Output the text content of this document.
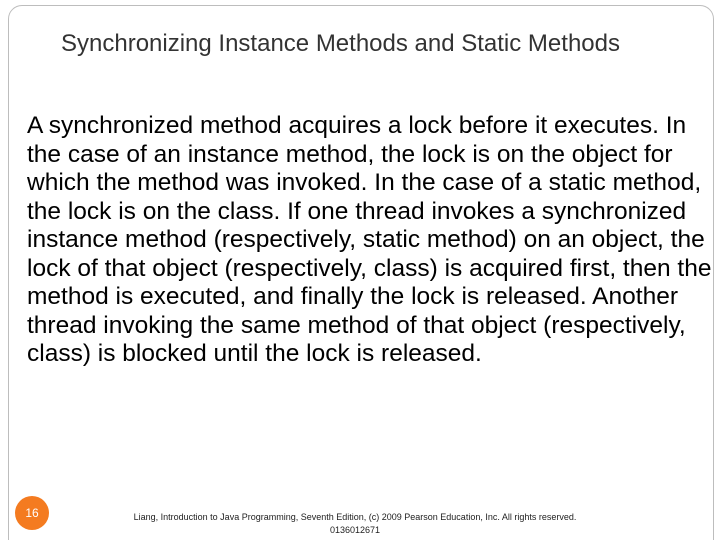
Synchronizing Instance Methods and Static Methods

A synchronized method acquires a lock before it executes. In the case of an instance method, the lock is on the object for which the method was invoked. In the case of a static method, the lock is on the class. If one thread invokes a synchronized instance method (respectively, static method) on an object, the lock of that object (respectively, class) is acquired first, then the method is executed, and finally the lock is released. Another thread invoking the same method of that object (respectively, class) is blocked until the lock is released.

16	Liang, Introduction to Java Programming, Seventh Edition, (c) 2009 Pearson Education, Inc. All rights reserved. 0136012671
